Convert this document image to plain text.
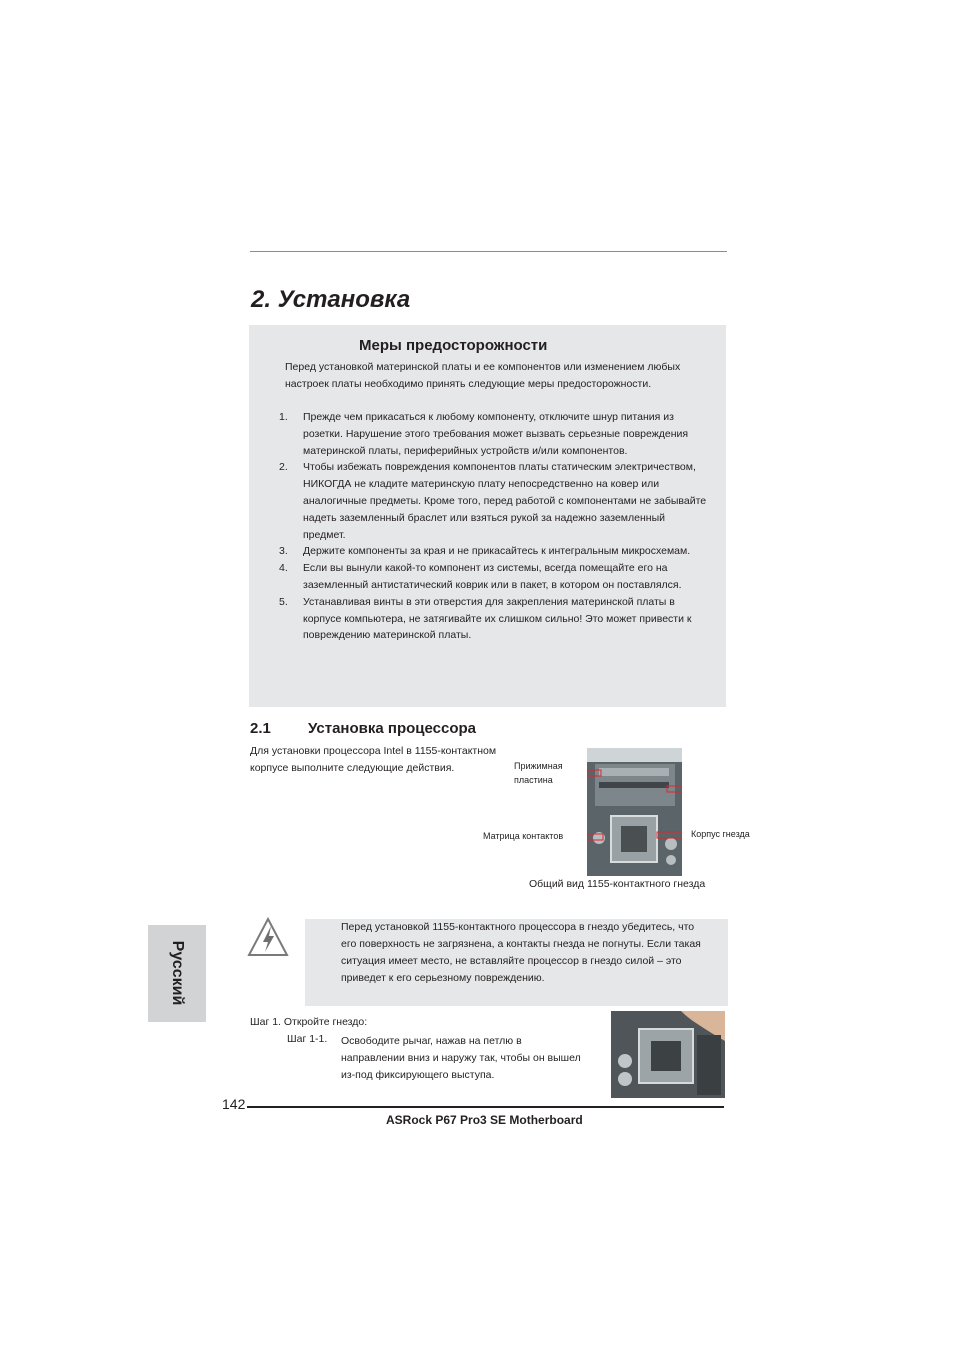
2. Установка
Меры предосторожности
Перед установкой материнской платы и ее компонентов или изменением любых настроек платы необходимо принять следующие меры предосторожности.
1. Прежде чем прикасаться к любому компоненту, отключите шнур питания из розетки. Нарушение этого требования может вызвать серьезные повреждения материнской платы, периферийных устройств и/или компонентов.
2. Чтобы избежать повреждения компонентов платы статическим электричеством, НИКОГДА не кладите материнскую плату непосредственно на ковер или аналогичные предметы. Кроме того, перед работой с компонентами не забывайте надеть заземленный браслет или взяться рукой за надежно заземленный предмет.
3. Держите компоненты за края и не прикасайтесь к интегральным микросхемам.
4. Если вы вынули какой-то компонент из системы, всегда помещайте его на заземленный антистатический коврик или в пакет, в котором он поставлялся.
5. Устанавливая винты в эти отверстия для закрепления материнской платы в корпусе компьютера, не затягивайте их слишком сильно! Это может привести к повреждению материнской платы.
2.1 Установка процессора
Для установки процессора Intel в 1155-контактном корпусе выполните следующие действия.	Прижимная
пластина
Матрица контактов	Корпус гнезда
Общий вид 1155-контактного гнезда
Перед установкой 1155-контактного процессора в гнездо убедитесь, что его поверхность не загрязнена, а контакты гнезда не погнуты. Если такая ситуация имеет место, не вставляйте процессор в гнездо силой – это приведет к его серьезному повреждению.
Русский
Шаг 1. Откройте гнездо:
Шаг 1-1. Освободите рычаг, нажав на петлю в направлении вниз и наружу так, чтобы он вышел из-под фиксирующего выступа.
142
ASRock P67 Pro3 SE Motherboard
